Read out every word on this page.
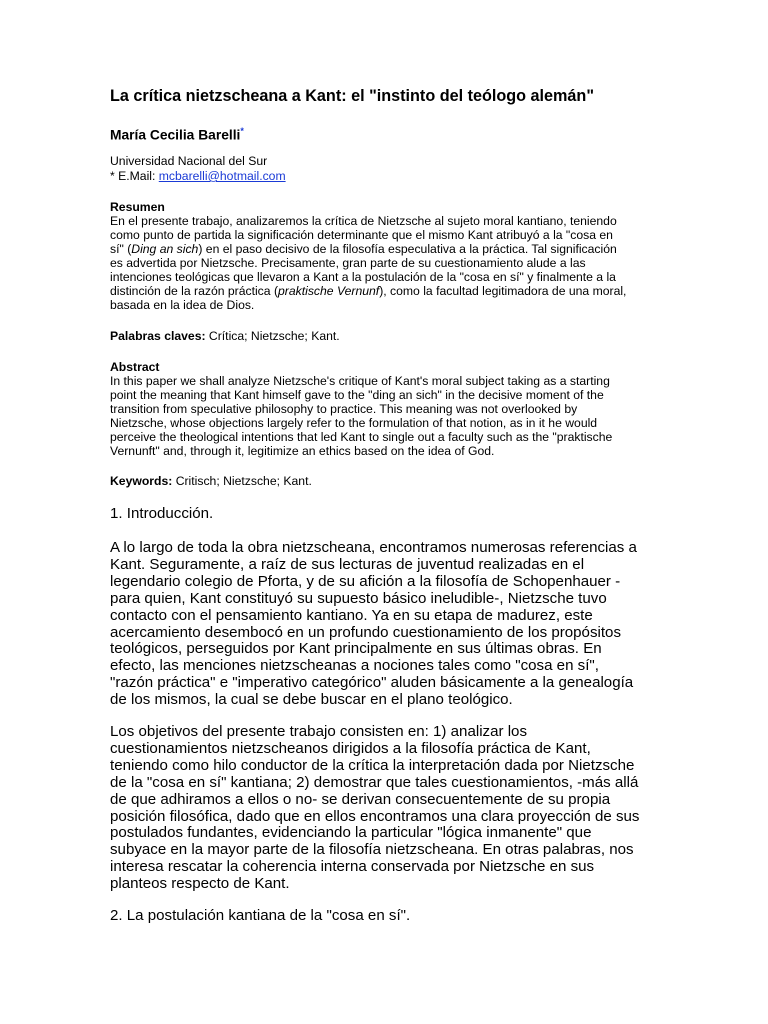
La crítica nietzscheana a Kant: el "instinto del teólogo alemán"

María Cecilia Barelli*

Universidad Nacional del Sur

* E.Mail: mcbarelli@hotmail.com

Resumen

En el presente trabajo, analizaremos la crítica de Nietzsche al sujeto moral kantiano, teniendo
como punto de partida la significación determinante que el mismo Kant atribuyó a la "cosa en
sí" (Ding an sich) en el paso decisivo de la filosofía especulativa a la práctica. Tal significación
es advertida por Nietzsche. Precisamente, gran parte de su cuestionamiento alude a las
intenciones teológicas que llevaron a Kant a la postulación de la "cosa en sí" y finalmente a la
distinción de la razón práctica (praktische Vernunf), como la facultad legitimadora de una moral,
basada en la idea de Dios.

Palabras claves: Crítica; Nietzsche; Kant.

Abstract

In this paper we shall analyze Nietzsche's critique of Kant's moral subject taking as a starting
point the meaning that Kant himself gave to the "ding an sich" in the decisive moment of the
transition from speculative philosophy to practice. This meaning was not overlooked by
Nietzsche, whose objections largely refer to the formulation of that notion, as in it he would
perceive the theological intentions that led Kant to single out a faculty such as the "praktische
Vernunft" and, through it, legitimize an ethics based on the idea of God.

Keywords: Critisch; Nietzsche; Kant.

1. Introducción.

A lo largo de toda la obra nietzscheana, encontramos numerosas referencias a
Kant. Seguramente, a raíz de sus lecturas de juventud realizadas en el
legendario colegio de Pforta, y de su afición a la filosofía de Schopenhauer -
para quien, Kant constituyó su supuesto básico ineludible-, Nietzsche tuvo
contacto con el pensamiento kantiano. Ya en su etapa de madurez, este
acercamiento desembocó en un profundo cuestionamiento de los propósitos
teológicos, perseguidos por Kant principalmente en sus últimas obras. En
efecto, las menciones nietzscheanas a nociones tales como "cosa en sí",
"razón práctica" e "imperativo categórico" aluden básicamente a la genealogía
de los mismos, la cual se debe buscar en el plano teológico.
Los objetivos del presente trabajo consisten en: 1) analizar los
cuestionamientos nietzscheanos dirigidos a la filosofía práctica de Kant,
teniendo como hilo conductor de la crítica la interpretación dada por Nietzsche
de la "cosa en sí" kantiana; 2) demostrar que tales cuestionamientos, -más allá
de que adhiramos a ellos o no- se derivan consecuentemente de su propia
posición filosófica, dado que en ellos encontramos una clara proyección de sus
postulados fundantes, evidenciando la particular "lógica inmanente" que
subyace en la mayor parte de la filosofía nietzscheana. En otras palabras, nos
interesa rescatar la coherencia interna conservada por Nietzsche en sus
planteos respecto de Kant.

2. La postulación kantiana de la "cosa en sí".
